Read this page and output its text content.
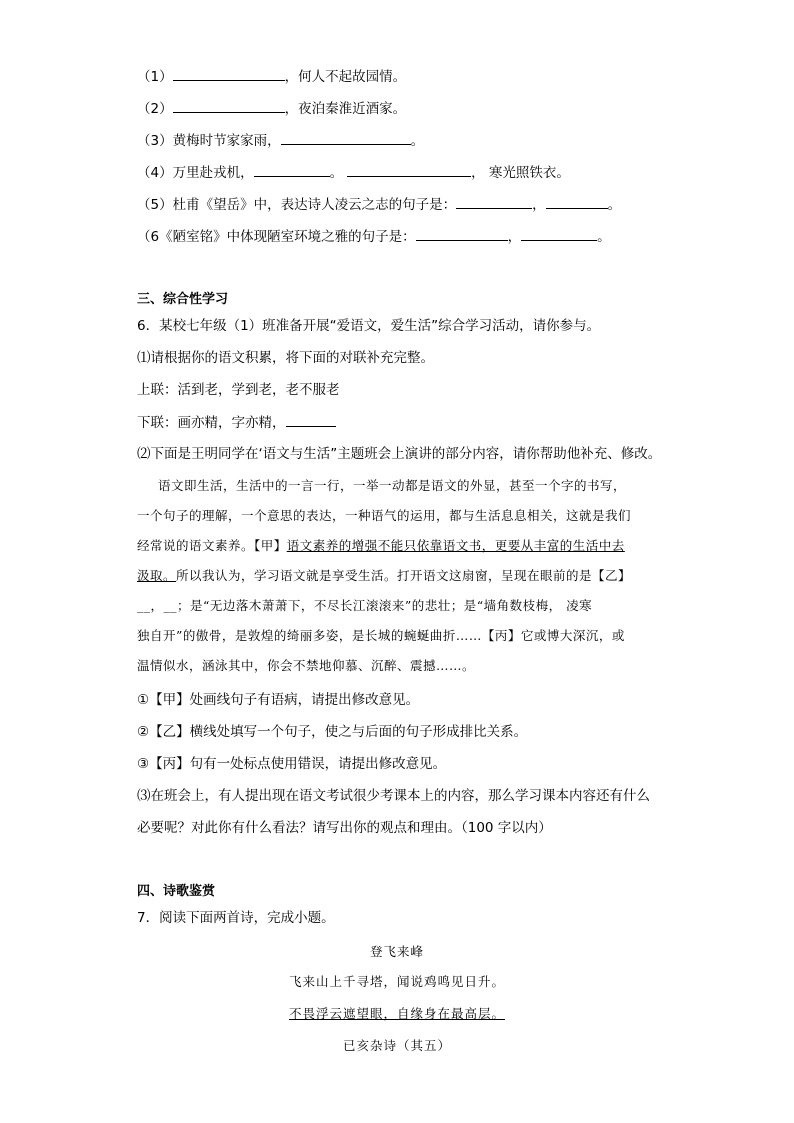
（1）	，何人不起故园情。
（2）	，夜泊秦淮近酒家。
（3）黄梅时节家家雨，	。
（4）万里赴戎机，	。	， 寒光照铁衣。
（5）杜甫《望岳》中，表达诗人凌云之志的句子是：	，	。
（6《陋室铭》中体现陋室环境之雅的句子是：	，	。
三、综合性学习
6．某校七年级（1）班准备开展“爱语文，爱生活”综合学习活动，请你参与。
⑴请根据你的语文积累，将下面的对联补充完整。
上联：活到老，学到老，老不服老
下联：画亦精，字亦精，
⑵下面是王明同学在‘语文与生活”主题班会上演讲的部分内容，请你帮助他补充、修改。
语文即生活，生活中的一言一行，一举一动都是语文的外显，甚至一个字的书写，
一个句子的理解，一个意思的表达，一种语气的运用，都与生活息息相关，这就是我们
经常说的语文素养。【甲】语文素养的增强不能只依靠语文书，更要从丰富的生活中去
汲取。所以我认为，学习语文就是享受生活。打开语文这扇窗，呈现在眼前的是【乙】
__，__；是“无边落木萧萧下，不尽长江滚滚来”的悲壮；是“墙角数枝梅， 凌寒
独自开”的傲骨，是敦煌的绮丽多姿，是长城的蜿蜒曲折……【丙】它或博大深沉，或
温情似水，涵泳其中，你会不禁地仰慕、沉醉、震撼……。
①【甲】处画线句子有语病，请提出修改意见。
②【乙】横线处填写一个句子，使之与后面的句子形成排比关系。
③【丙】句有一处标点使用错误，请提出修改意见。
⑶在班会上，有人提出现在语文考试很少考课本上的内容，那么学习课本内容还有什么
必要呢？对此你有什么看法？请写出你的观点和理由。（100 字以内）
四、诗歌鉴赏
7．阅读下面两首诗，完成小题。
登飞来峰
飞来山上千寻塔，闻说鸡鸣见日升。
不畏浮云遮望眼，自缘身在最高层。
已亥杂诗（其五）
